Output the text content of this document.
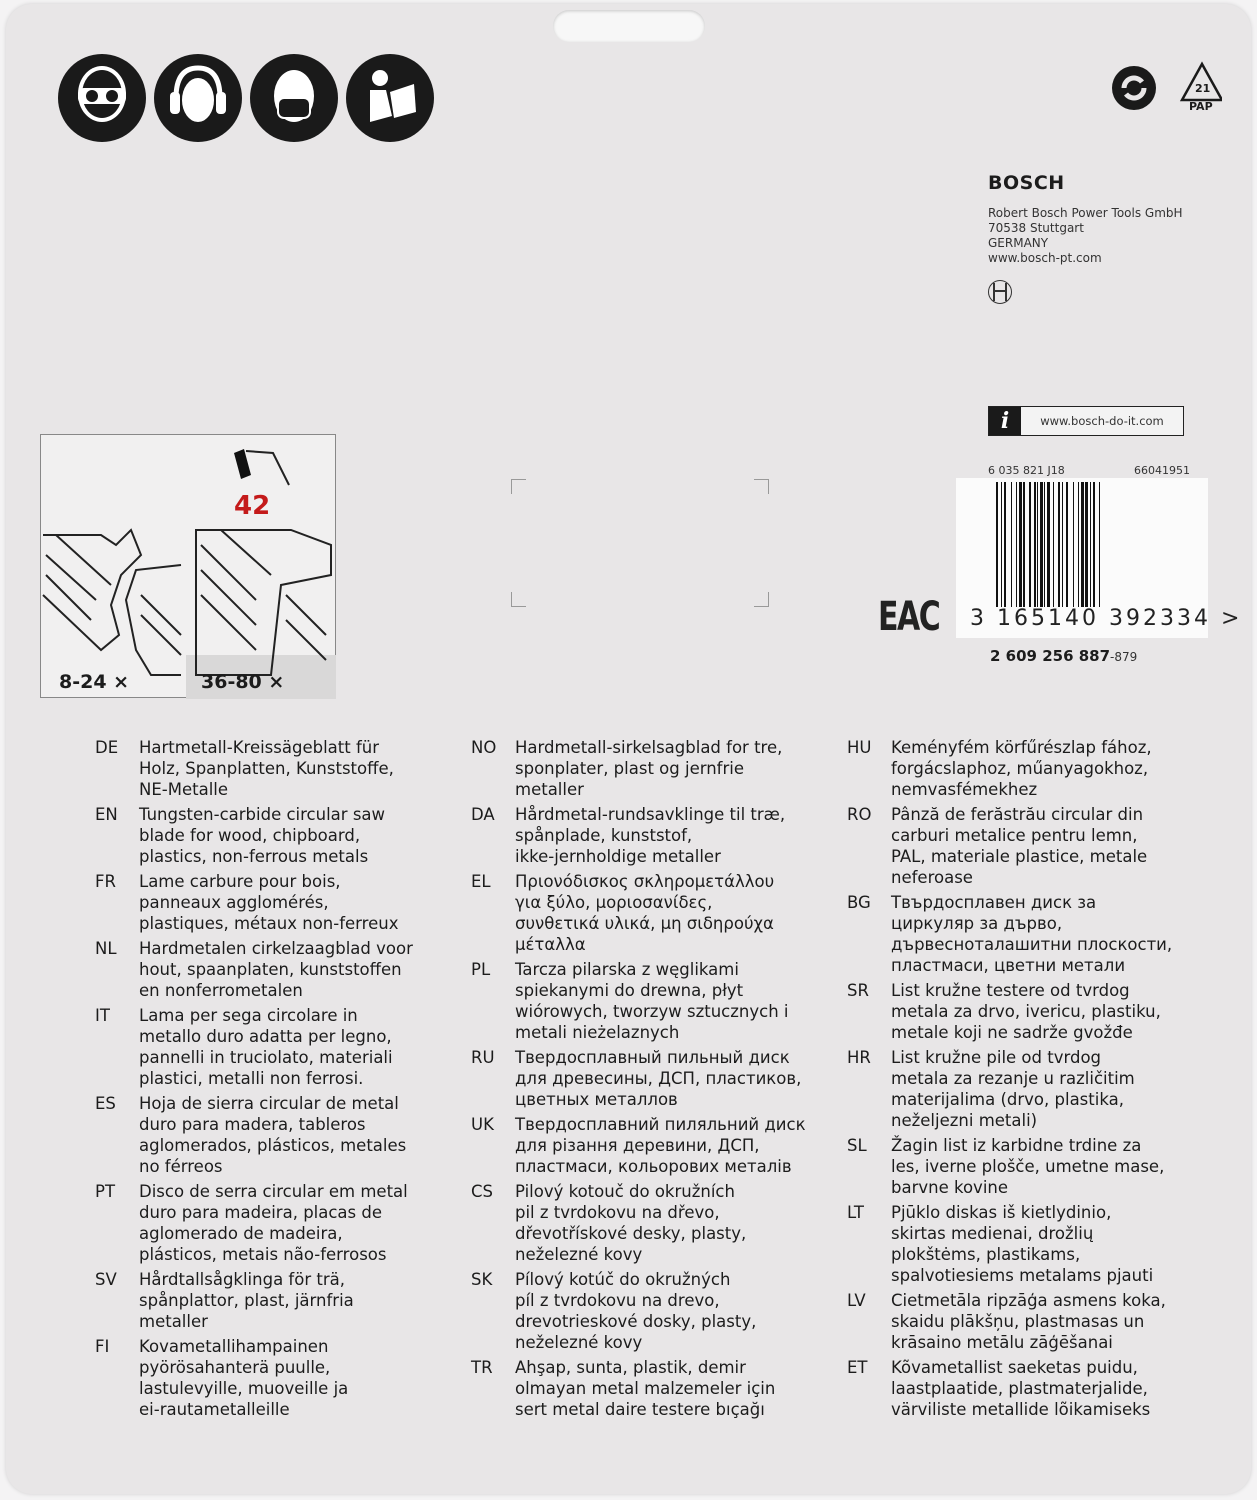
21
PAP
BOSCH
Robert Bosch Power Tools GmbH
70538 Stuttgart
GERMANY
www.bosch-pt.com
i	www.bosch-do-it.com
6 035 821 J18	66041951
3 165140 392334 >
2 609 256 887-879
EAC
42
8-24 ×	36-80 ×
DE	Hartmetall-Kreissägeblatt für
Holz, Spanplatten, Kunststoffe,
NE-Metalle
EN	Tungsten-carbide circular saw
blade for wood, chipboard,
plastics, non-ferrous metals
FR	Lame carbure pour bois,
panneaux agglomérés,
plastiques, métaux non-ferreux
NL	Hardmetalen cirkelzaagblad voor
hout, spaanplaten, kunststoffen
en nonferrometalen
IT	Lama per sega circolare in
metallo duro adatta per legno,
pannelli in truciolato, materiali
plastici, metalli non ferrosi.
ES	Hoja de sierra circular de metal
duro para madera, tableros
aglomerados, plásticos, metales
no férreos
PT	Disco de serra circular em metal
duro para madeira, placas de
aglomerado de madeira,
plásticos, metais não-ferrosos
SV	Hårdtallsågklinga för trä,
spånplattor, plast, järnfria
metaller
FI	Kovametallihampainen
pyörösahanterä puulle,
lastulevyille, muoveille ja
ei-rautametalleille
NO	Hardmetall-sirkelsagblad for tre,
sponplater, plast og jernfrie
metaller
DA	Hårdmetal-rundsavklinge til træ,
spånplade, kunststof,
ikke-jernholdige metaller
EL	Πριονόδισκος σκληρομετάλλου
για ξύλο, μοριοσανίδες,
συνθετικά υλικά, μη σιδηρούχα
μέταλλα
PL	Tarcza pilarska z węglikami
spiekanymi do drewna, płyt
wiórowych, tworzyw sztucznych i
metali nieżelaznych
RU	Твердосплавный пильный диск
для древесины, ДСП, пластиков,
цветных металлов
UK	Твердосплавний пиляльний диск
для різання деревини, ДСП,
пластмаси, кольорових металів
CS	Pilový kotouč do okružních
pil z tvrdokovu na dřevo,
dřevotřískové desky, plasty,
neželezné kovy
SK	Pílový kotúč do okružných
píl z tvrdokovu na drevo,
drevotrieskové dosky, plasty,
neželezné kovy
TR	Ahşap, sunta, plastik, demir
olmayan metal malzemeler için
sert metal daire testere bıçağı
HU	Keményfém körfűrészlap fához,
forgácslaphoz, műanyagokhoz,
nemvasfémekhez
RO	Pânză de ferăstrău circular din
carburi metalice pentru lemn,
PAL, materiale plastice, metale
neferoase
BG	Твърдосплавен диск за
циркуляр за дърво,
дървесноталашитни плоскости,
пластмаси, цветни метали
SR	List kružne testere od tvrdog
metala za drvo, ivericu, plastiku,
metale koji ne sadrže gvožđe
HR	List kružne pile od tvrdog
metala za rezanje u različitim
materijalima (drvo, plastika,
neželjezni metali)
SL	Žagin list iz karbidne trdine za
les, iverne plošče, umetne mase,
barvne kovine
LT	Pjūklo diskas iš kietlydinio,
skirtas medienai, drožlių
plokštėms, plastikams,
spalvotiesiems metalams pjauti
LV	Cietmetāla ripzāģa asmens koka,
skaidu plākšņu, plastmasas un
krāsaino metālu zāģēšanai
ET	Kõvametallist saeketas puidu,
laastplaatide, plastmaterjalide,
värviliste metallide lõikamiseks
